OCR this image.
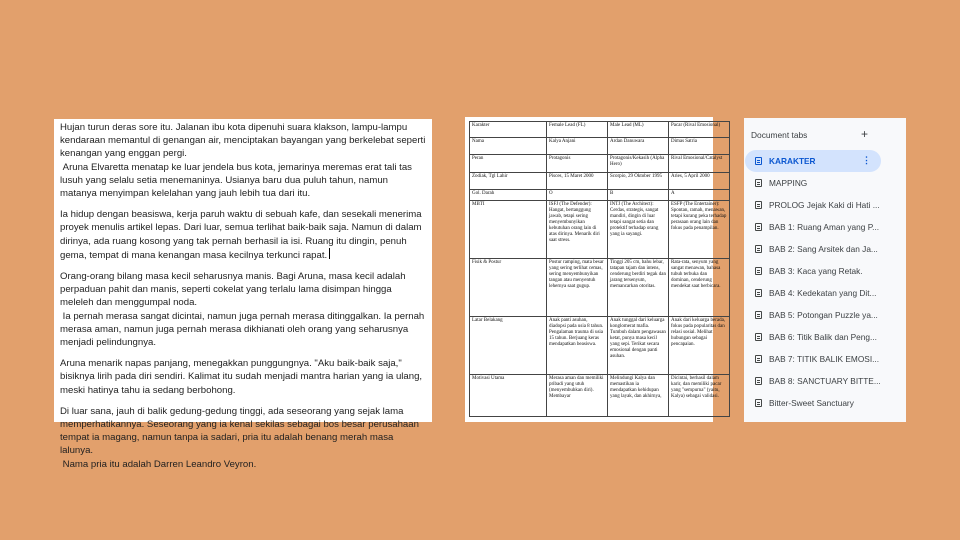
Hujan turun deras sore itu. Jalanan ibu kota dipenuhi suara klakson, lampu-lampu kendaraan memantul di genangan air, menciptakan bayangan yang berkelebat seperti kenangan yang enggan pergi.

Aruna Elvaretta menatap ke luar jendela bus kota, jemarinya meremas erat tali tas lusuh yang selalu setia menemaninya. Usianya baru dua puluh tahun, namun matanya menyimpan kelelahan yang jauh lebih tua dari itu.

Ia hidup dengan beasiswa, kerja paruh waktu di sebuah kafe, dan sesekali menerima proyek menulis artikel lepas. Dari luar, semua terlihat baik-baik saja. Namun di dalam dirinya, ada ruang kosong yang tak pernah berhasil ia isi. Ruang itu dingin, penuh gema, tempat di mana kenangan masa kecilnya terkunci rapat.

Orang-orang bilang masa kecil seharusnya manis. Bagi Aruna, masa kecil adalah perpaduan pahit dan manis, seperti cokelat yang terlalu lama disimpan hingga meleleh dan menggumpal noda.

Ia pernah merasa sangat dicintai, namun juga pernah merasa ditinggalkan. Ia pernah merasa aman, namun juga pernah merasa dikhianati oleh orang yang seharusnya menjadi pelindungnya.

Aruna menarik napas panjang, menegakkan punggungnya. "Aku baik-baik saja," bisiknya lirih pada diri sendiri. Kalimat itu sudah menjadi mantra harian yang ia ulang, meski hatinya tahu ia sedang berbohong.

Di luar sana, jauh di balik gedung-gedung tinggi, ada seseorang yang sejak lama memperhatikannya. Seseorang yang ia kenal sekilas sebagai bos besar perusahaan tempat ia magang, namun tanpa ia sadari, pria itu adalah benang merah masa lalunya.

Nama pria itu adalah Darren Leandro Veyron.

Karakter	Female Lead (FL)	Male Lead (ML)	Pacar (Rival Emosional)
Nama	Kalya Anjani	Ardan Danuwara	Dimas Satria
Peran	Protagonis	Protagonis/Kekasih (Alpha Hero)	Rival Emosional/Catalyst
Zodiak, Tgl Lahir	Pisces, 15 Maret 2000	Scorpio, 29 Oktober 1995	Aries, 5 April 2000
Gol. Darah	O	B	A
MBTI	ISFJ (The Defender): Hangat, bertanggung jawab, tetapi sering menyembunyikan kebutuhan orang lain di atas dirinya. Menarik diri saat stress.	INTJ (The Architect): Cerdas, strategis, sangat mandiri, dingin di luar tetapi sangat setia dan protektif terhadap orang yang ia sayangi.	ESFP (The Entertainer): Spontan, ramah, menawan, tetapi kurang peka terhadap perasaan orang lain dan fokus pada penampilan.
Fisik & Postur	Postur ramping, mata besar yang sering terlihat cemas, sering menyembunyikan tangan atau menyentuh lehernya saat gugup.	Tinggi 205 cm, bahu lebar, tatapan tajam dan intens, cenderung berdiri tegak dan jarang tersenyum, memancarkan otoritas.	Rata-rata, senyum yang sangat menawan, bahasa tubuh terbuka dan dominan, cenderung mendekat saat berbicara.
Latar Belakang	Anak panti asuhan, diadopsi pada usia 8 tahun. Pengalaman trauma di usia 15 tahun. Berjuang keras mendapatkan beasiswa.	Anak tunggal dari keluarga konglomerat mafia. Tumbuh dalam pengawasan ketat, punya masa kecil yang sepi. Terikat secara emosional dengan panti asuhan.	Anak dari keluarga berada, fokus pada popularitas dan relasi sosial. Melihat hubungan sebagai pencapaian.
Motivasi Utama	Merasa aman dan memiliki pribadi yang utuh (menyembuhkan diri). Membayar	Melindungi Kalya dan memastikan ia mendapatkan kehidupan yang layak, dan akhirnya,	Dicintai, berhasil dalam karir, dan memiliki pacar yang "sempurna" (yaitu, Kalya) sebagai validasi.
Document tabs	+
KARAKTER	⋮
MAPPING
PROLOG Jejak Kaki di Hati ...
BAB 1: Ruang Aman yang P...
BAB 2: Sang Arsitek dan Ja...
BAB 3: Kaca yang Retak.
BAB 4: Kedekatan yang Dit...
BAB 5: Potongan Puzzle ya...
BAB 6: Titik Balik dan Peng...
BAB 7: TITIK BALIK EMOSI...
BAB 8: SANCTUARY BITTE...
Bitter-Sweet Sanctuary
